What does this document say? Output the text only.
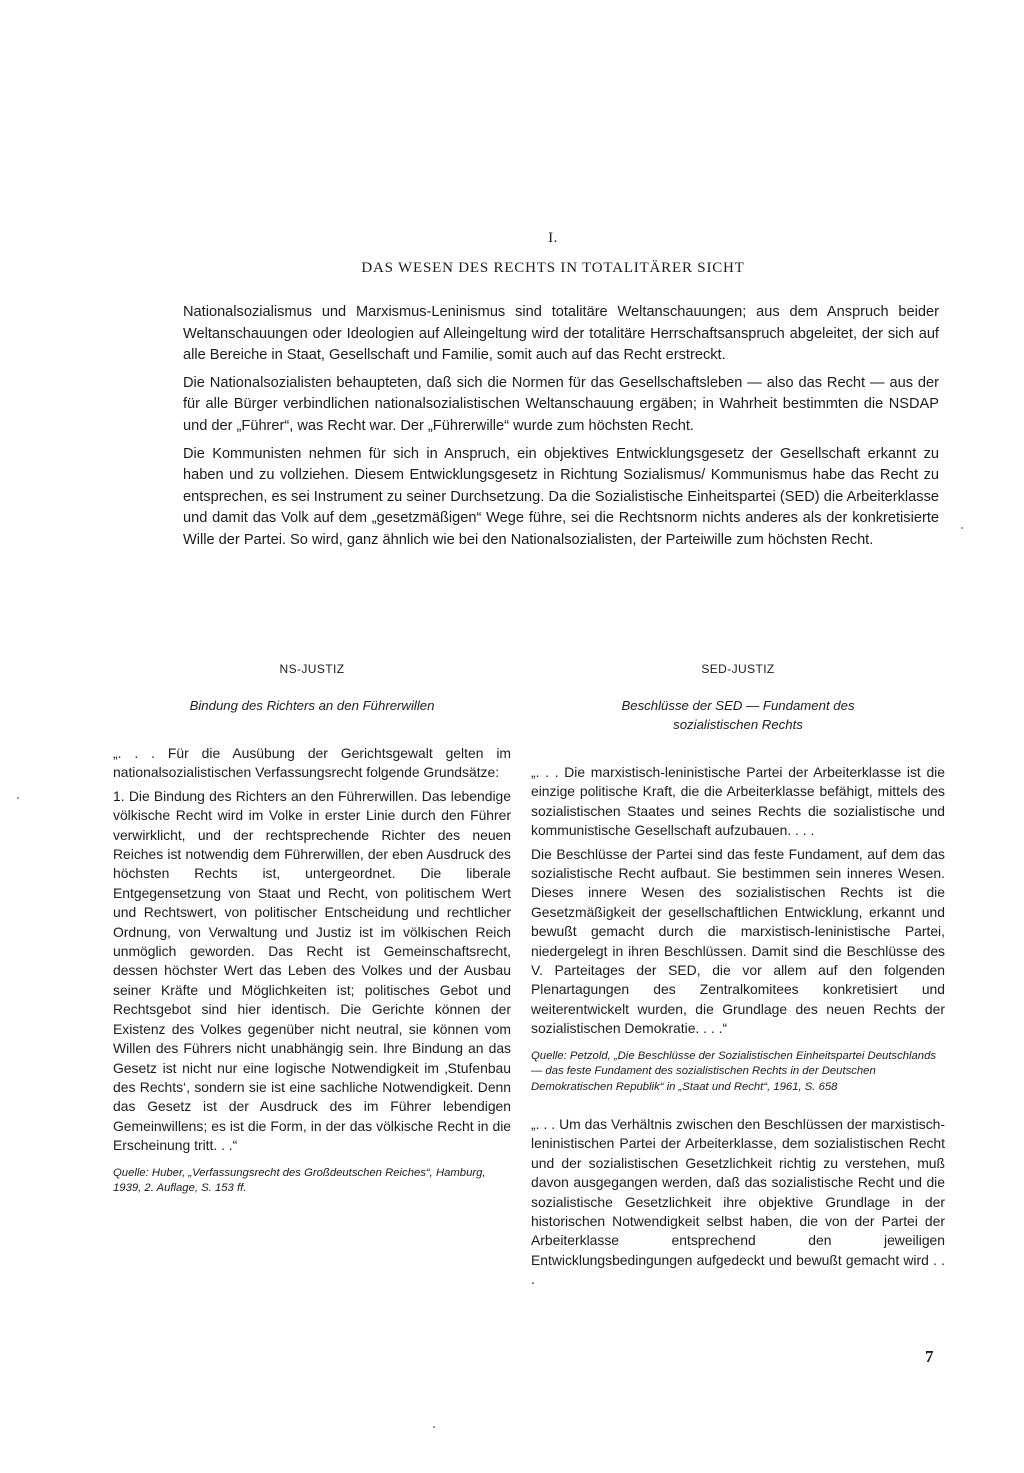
I.
DAS WESEN DES RECHTS IN TOTALITÄRER SICHT

Nationalsozialismus und Marxismus-Leninismus sind totalitäre Weltanschauungen; aus dem Anspruch beider Weltanschauungen oder Ideologien auf Alleingeltung wird der totalitäre Herrschaftsanspruch abgeleitet, der sich auf alle Bereiche in Staat, Gesellschaft und Familie, somit auch auf das Recht erstreckt.

Die Nationalsozialisten behaupteten, daß sich die Normen für das Gesellschaftsleben — also das Recht — aus der für alle Bürger verbindlichen nationalsozialistischen Weltanschauung ergäben; in Wahrheit bestimmten die NSDAP und der „Führer“, was Recht war. Der „Führerwille“ wurde zum höchsten Recht.

Die Kommunisten nehmen für sich in Anspruch, ein objektives Entwicklungsgesetz der Gesellschaft erkannt zu haben und zu vollziehen. Diesem Entwicklungsgesetz in Richtung Sozialismus/ Kommunismus habe das Recht zu entsprechen, es sei Instrument zu seiner Durchsetzung. Da die Sozialistische Einheitspartei (SED) die Arbeiterklasse und damit das Volk auf dem „gesetzmäßigen“ Wege führe, sei die Rechtsnorm nichts anderes als der konkretisierte Wille der Partei. So wird, ganz ähnlich wie bei den Nationalsozialisten, der Parteiwille zum höchsten Recht.

NS-JUSTIZ
Bindung des Richters an den Führerwillen

„. . . Für die Ausübung der Gerichtsgewalt gelten im nationalsozialistischen Verfassungsrecht folgende Grundsätze:

1. Die Bindung des Richters an den Führerwillen. Das lebendige völkische Recht wird im Volke in erster Linie durch den Führer verwirklicht, und der rechtsprechende Richter des neuen Reiches ist notwendig dem Führerwillen, der eben Ausdruck des höchsten Rechts ist, untergeordnet. Die liberale Entgegensetzung von Staat und Recht, von politischem Wert und Rechtswert, von politischer Entscheidung und rechtlicher Ordnung, von Verwaltung und Justiz ist im völkischen Reich unmöglich geworden. Das Recht ist Gemeinschaftsrecht, dessen höchster Wert das Leben des Volkes und der Ausbau seiner Kräfte und Möglichkeiten ist; politisches Gebot und Rechtsgebot sind hier identisch. Die Gerichte können der Existenz des Volkes gegenüber nicht neutral, sie können vom Willen des Führers nicht unabhängig sein. Ihre Bindung an das Gesetz ist nicht nur eine logische Notwendigkeit im ‚Stufenbau des Rechts‘, sondern sie ist eine sachliche Notwendigkeit. Denn das Gesetz ist der Ausdruck des im Führer lebendigen Gemeinwillens; es ist die Form, in der das völkische Recht in die Erscheinung tritt. . .“

Quelle: Huber, „Verfassungsrecht des Großdeutschen Reiches“, Hamburg, 1939, 2. Auflage, S. 153 ff.

SED-JUSTIZ
Beschlüsse der SED — Fundament des
sozialistischen Rechts

„. . . Die marxistisch-leninistische Partei der Arbeiterklasse ist die einzige politische Kraft, die die Arbeiterklasse befähigt, mittels des sozialistischen Staates und seines Rechts die sozialistische und kommunistische Gesellschaft aufzubauen. . . .

Die Beschlüsse der Partei sind das feste Fundament, auf dem das sozialistische Recht aufbaut. Sie bestimmen sein inneres Wesen. Dieses innere Wesen des sozialistischen Rechts ist die Gesetzmäßigkeit der gesellschaftlichen Entwicklung, erkannt und bewußt gemacht durch die marxistisch-leninistische Partei, niedergelegt in ihren Beschlüssen. Damit sind die Beschlüsse des V. Parteitages der SED, die vor allem auf den folgenden Plenartagungen des Zentralkomitees konkretisiert und weiterentwickelt wurden, die Grundlage des neuen Rechts der sozialistischen Demokratie. . . .“

Quelle: Petzold, „Die Beschlüsse der Sozialistischen Einheitspartei Deutschlands — das feste Fundament des sozialistischen Rechts in der Deutschen Demokratischen Republik“ in „Staat und Recht“, 1961, S. 658

„. . . Um das Verhältnis zwischen den Beschlüssen der marxistisch-leninistischen Partei der Arbeiterklasse, dem sozialistischen Recht und der sozialistischen Gesetzlichkeit richtig zu verstehen, muß davon ausgegangen werden, daß das sozialistische Recht und die sozialistische Gesetzlichkeit ihre objektive Grundlage in der historischen Notwendigkeit selbst haben, die von der Partei der Arbeiterklasse entsprechend den jeweiligen Entwicklungsbedingungen aufgedeckt und bewußt gemacht wird . . .

7
